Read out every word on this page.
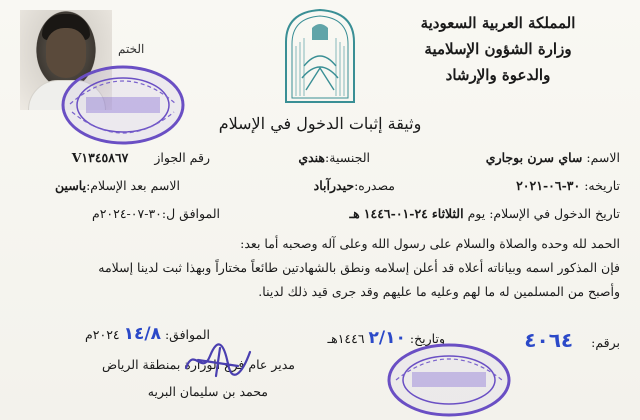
الختم
المملكة العربية السعودية
وزارة الشؤون الإسلامية
والدعوة والإرشاد
وثيقة إثبات الدخول في الإسلام
الاسم: ساي سرن بوجاري
الجنسية:هندي
رقم الجواز V١٣٤٥٨٦٧
تاريخه: ٣٠-٠٦-٢٠٢١
مصدره:حيدرآباد
الاسم بعد الإسلام:ياسين
تاريخ الدخول في الإسلام: يوم الثلاثاء ٢٤-٠١-١٤٤٦ هـ
الموافق ل:٣٠-٠٧-٢٠٢٤م
الحمد لله وحده والصلاة والسلام على رسول الله وعلى آله وصحبه أما بعد:
فإن المذكور اسمه وبياناته أعلاه قد أعلن إسلامه ونطق بالشهادتين طائعاً مختاراً وبهذا ثبت لدينا إسلامه
وأصبح من المسلمين له ما لهم وعليه ما عليهم وقد جرى قيد ذلك لدينا.
برقم: ٤٠٦٤
وتاريخ: ٢/١٠ ١٤٤٦هـ
الموافق: ١٤/٨ ٢٠٢٤م
مدير عام فرع الوزارة بمنطقة الرياض
محمد بن سليمان البريه
